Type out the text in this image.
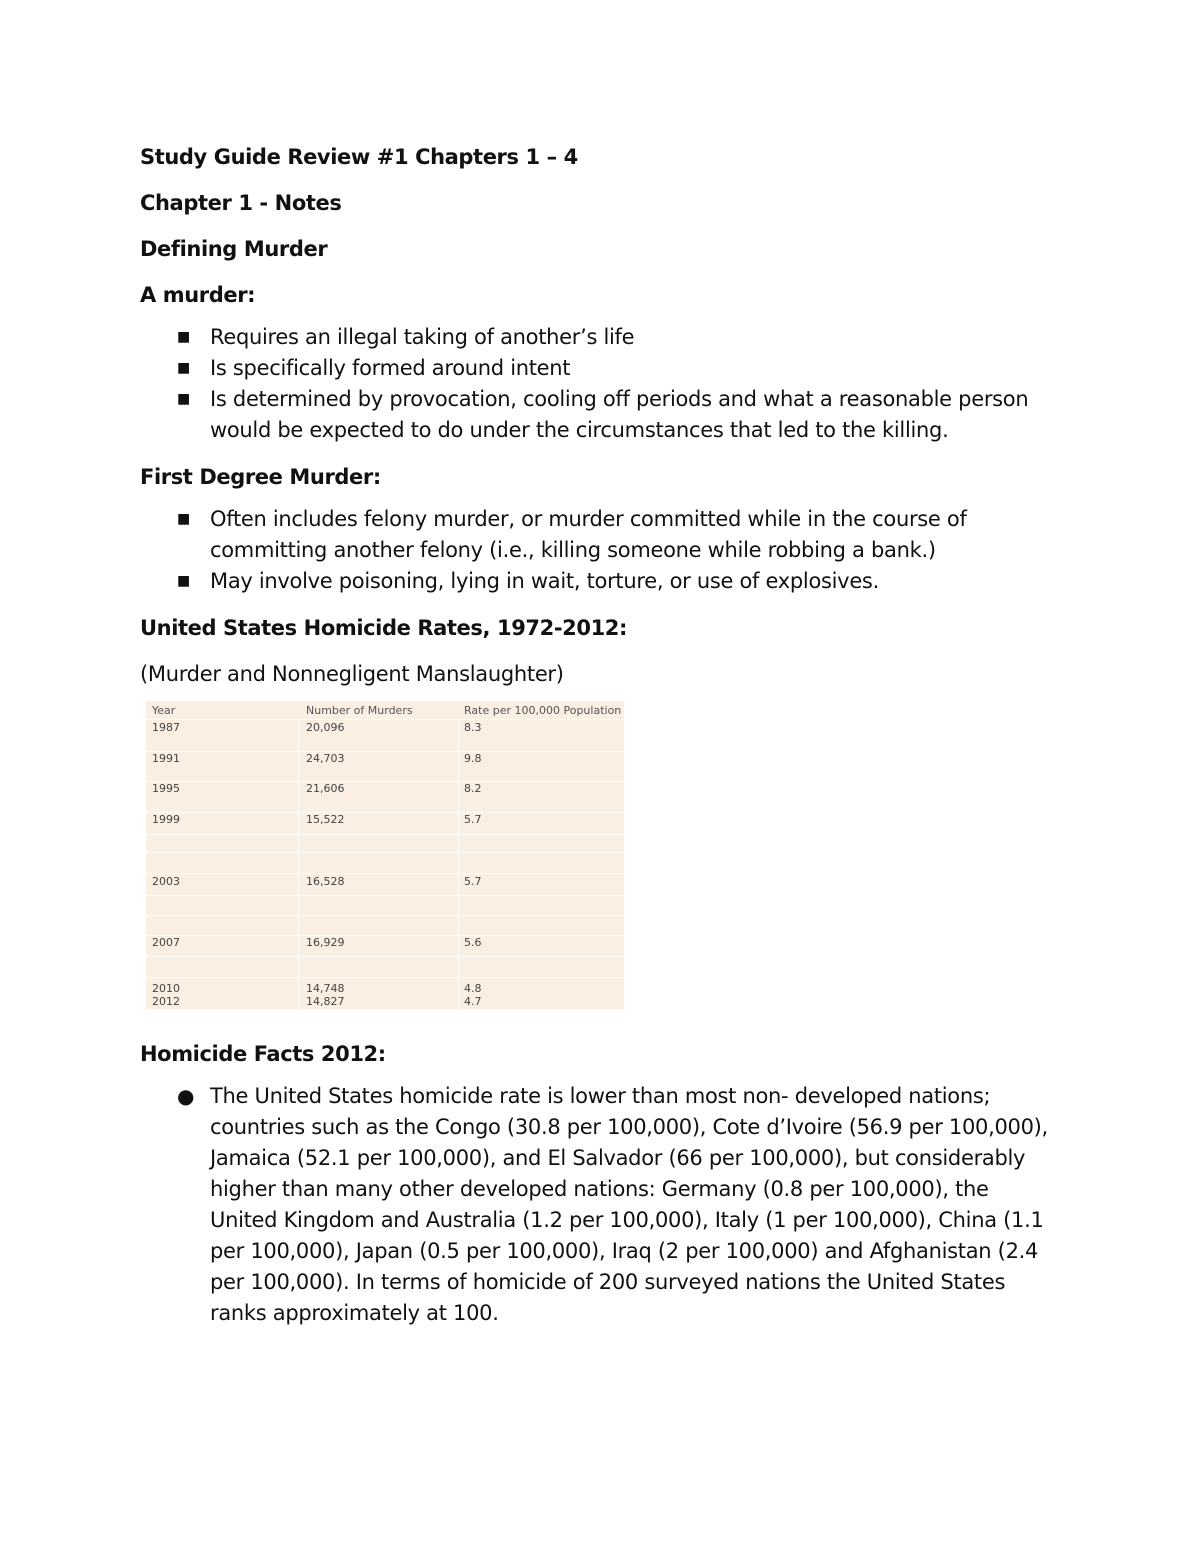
Study Guide Review #1 Chapters 1 – 4
Chapter 1 - Notes
Defining Murder
A murder:
■ Requires an illegal taking of another’s life
■ Is specifically formed around intent
■ Is determined by provocation, cooling off periods and what a reasonable person would be expected to do under the circumstances that led to the killing.
First Degree Murder:
■ Often includes felony murder, or murder committed while in the course of committing another felony (i.e., killing someone while robbing a bank.)
■ May involve poisoning, lying in wait, torture, or use of explosives.
United States Homicide Rates, 1972-2012:
(Murder and Nonnegligent Manslaughter)
Year	Number of Murders	Rate per 100,000 Population
1987	20,096	8.3
1991	24,703	9.8
1995	21,606	8.2
1999	15,522	5.7
2003	16,528	5.7
2007	16,929	5.6
2010	14,748	4.8
2012	14,827	4.7
Homicide Facts 2012:
● The United States homicide rate is lower than most non- developed nations; countries such as the Congo (30.8 per 100,000), Cote d’Ivoire (56.9 per 100,000), Jamaica (52.1 per 100,000), and El Salvador (66 per 100,000), but considerably higher than many other developed nations: Germany (0.8 per 100,000), the United Kingdom and Australia (1.2 per 100,000), Italy (1 per 100,000), China (1.1 per 100,000), Japan (0.5 per 100,000), Iraq (2 per 100,000) and Afghanistan (2.4 per 100,000). In terms of homicide of 200 surveyed nations the United States ranks approximately at 100.
